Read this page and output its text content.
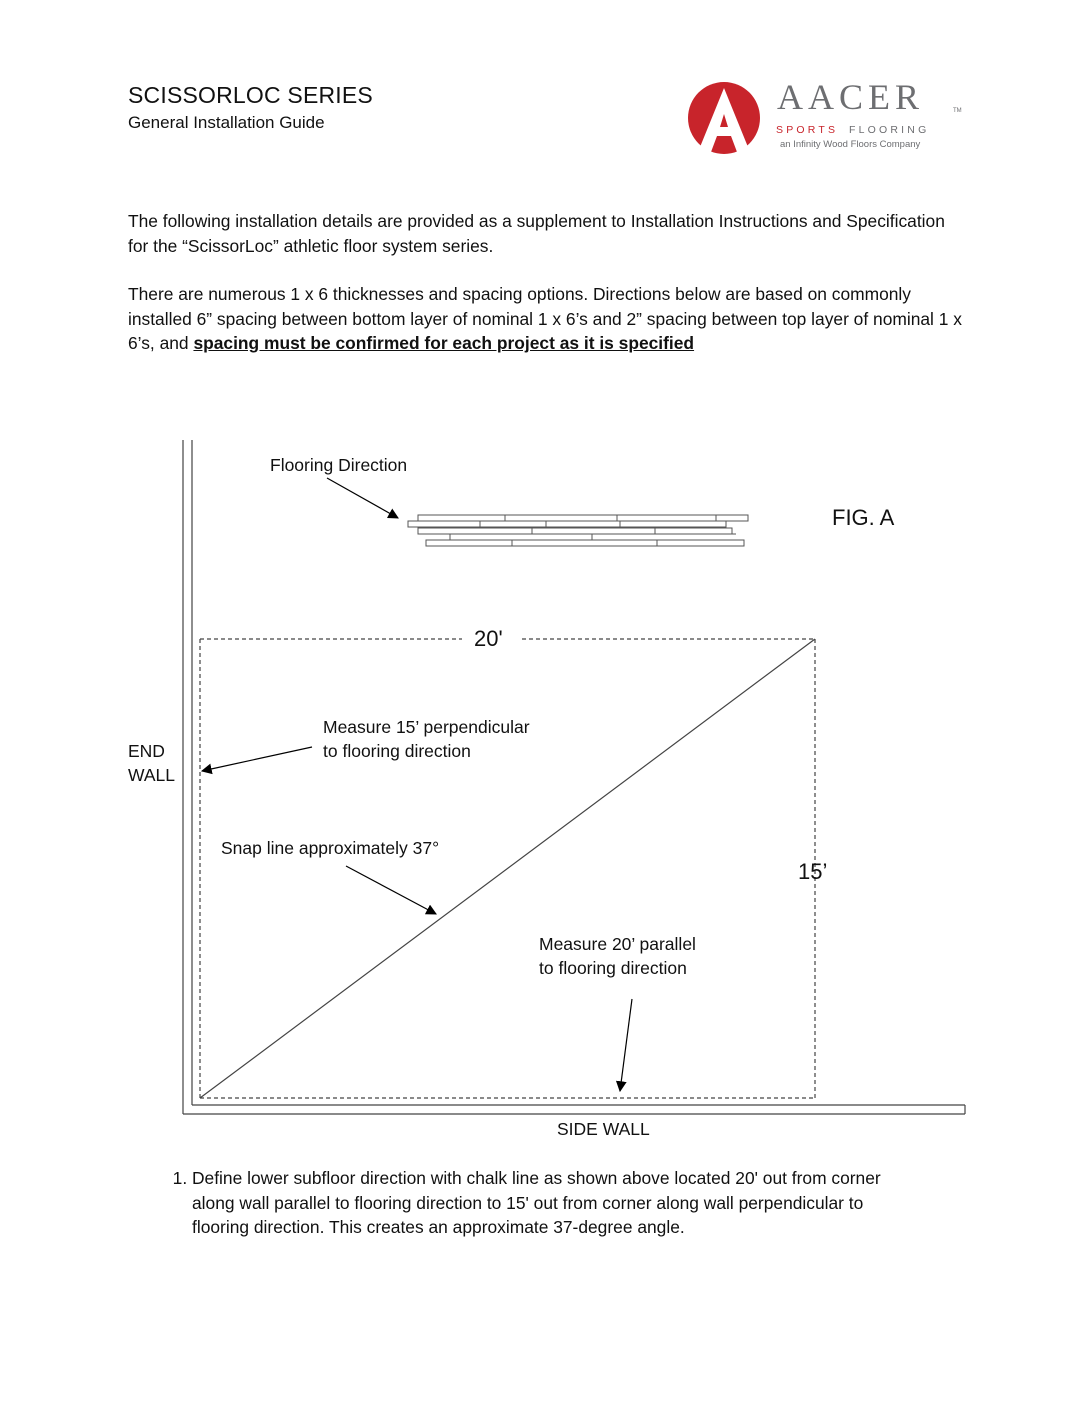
SCISSORLOC SERIES
General Installation Guide
AACER	TM
SPORTS FLOORING
an Infinity Wood Floors Company
The following installation details are provided as a supplement to Installation Instructions and Specification for the “ScissorLoc” athletic floor system series.
There are numerous 1 x 6 thicknesses and spacing options. Directions below are based on commonly installed 6” spacing between bottom layer of nominal 1 x 6’s and 2” spacing between top layer of nominal 1 x 6’s, and spacing must be confirmed for each project as it is specified
Flooring Direction
FIG. A
20'
Measure 15’ perpendicular
to flooring direction
END
WALL
Snap line approximately 37°
15’
Measure 20’ parallel
to flooring direction
SIDE WALL
1. Define lower subfloor direction with chalk line as shown above located 20' out from corner along wall parallel to flooring direction to 15' out from corner along wall perpendicular to flooring direction. This creates an approximate 37-degree angle.
